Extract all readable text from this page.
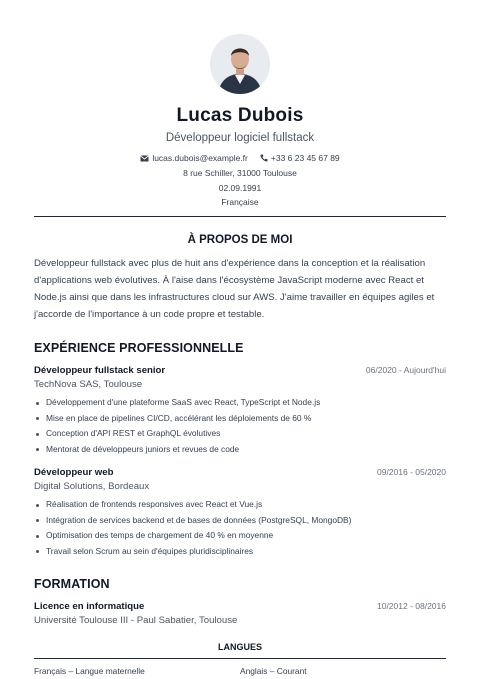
Lucas Dubois
Développeur logiciel fullstack
lucas.dubois@example.fr	+33 6 23 45 67 89
8 rue Schiller, 31000 Toulouse
02.09.1991
Française
À PROPOS DE MOI

Développeur fullstack avec plus de huit ans d'expérience dans la conception et la réalisation d'applications web évolutives. À l'aise dans l'écosystème JavaScript moderne avec React et Node.js ainsi que dans les infrastructures cloud sur AWS. J'aime travailler en équipes agiles et j'accorde de l'importance à un code propre et testable.

EXPÉRIENCE PROFESSIONNELLE
Développeur fullstack senior	06/2020 - Aujourd'hui
TechNova SAS, Toulouse
Développement d'une plateforme SaaS avec React, TypeScript et Node.js
Mise en place de pipelines CI/CD, accélérant les déploiements de 60 %
Conception d'API REST et GraphQL évolutives
Mentorat de développeurs juniors et revues de code
Développeur web	09/2016 - 05/2020
Digital Solutions, Bordeaux
Réalisation de frontends responsives avec React et Vue.js
Intégration de services backend et de bases de données (PostgreSQL, MongoDB)
Optimisation des temps de chargement de 40 % en moyenne
Travail selon Scrum au sein d'équipes pluridisciplinaires
FORMATION
Licence en informatique	10/2012 - 08/2016
Université Toulouse III - Paul Sabatier, Toulouse
LANGUES
Français – Langue maternelle	Anglais – Courant
